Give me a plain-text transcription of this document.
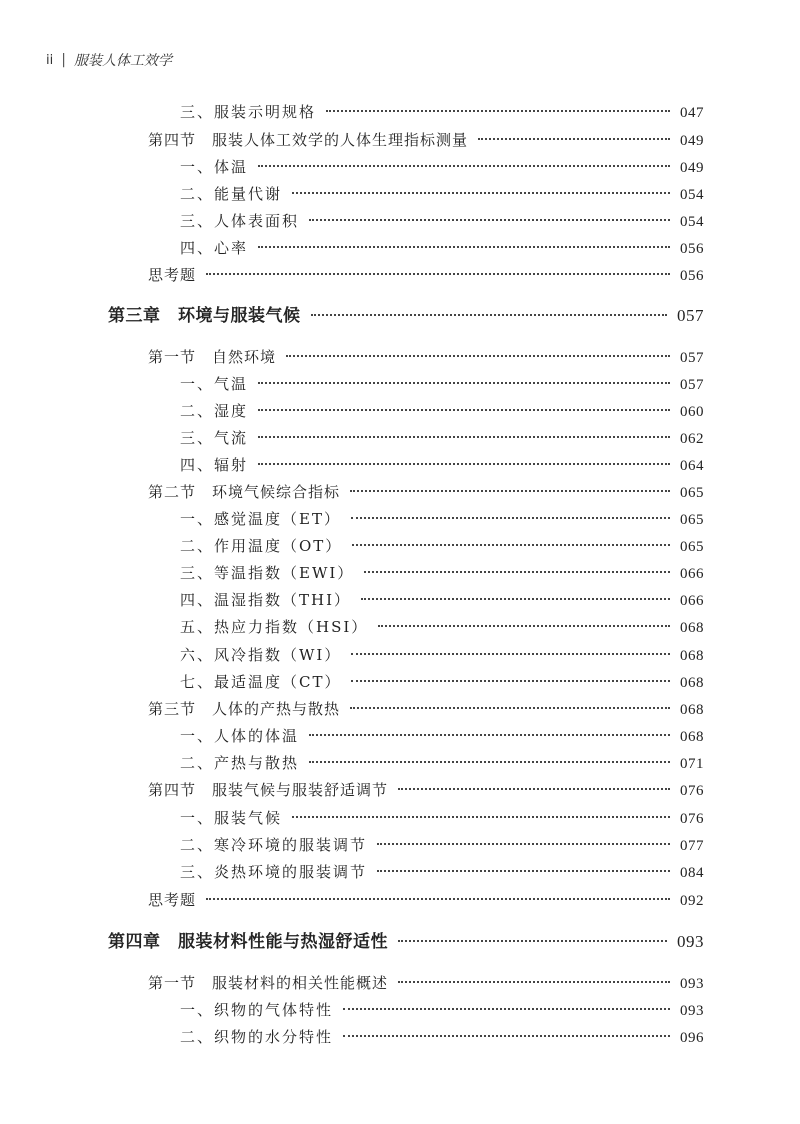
ii | 服装人体工效学
三、服装示明规格	047
第四节　服装人体工效学的人体生理指标测量	049
一、体温	049
二、能量代谢	054
三、人体表面积	054
四、心率	056
思考题	056
第三章　环境与服装气候	057
第一节　自然环境	057
一、气温	057
二、湿度	060
三、气流	062
四、辐射	064
第二节　环境气候综合指标	065
一、感觉温度（ET）	065
二、作用温度（OT）	065
三、等温指数（EWI）	066
四、温湿指数（THI）	066
五、热应力指数（HSI）	068
六、风冷指数（WI）	068
七、最适温度（CT）	068
第三节　人体的产热与散热	068
一、人体的体温	068
二、产热与散热	071
第四节　服装气候与服装舒适调节	076
一、服装气候	076
二、寒冷环境的服装调节	077
三、炎热环境的服装调节	084
思考题	092
第四章　服装材料性能与热湿舒适性	093
第一节　服装材料的相关性能概述	093
一、织物的气体特性	093
二、织物的水分特性	096
